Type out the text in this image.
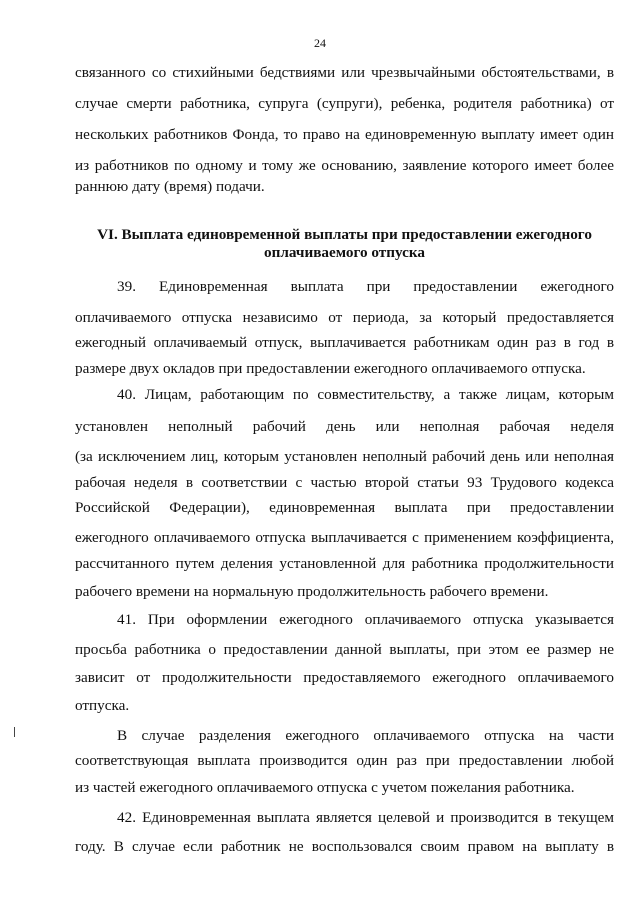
24
связанного со стихийными бедствиями или чрезвычайными обстоятельствами, в
случае смерти работника, супруга (супруги), ребенка, родителя работника) от
нескольких работников Фонда, то право на единовременную выплату имеет один
из работников по одному и тому же основанию, заявление которого имеет более
раннюю дату (время) подачи.
VI. Выплата единовременной выплаты при предоставлении ежегодного
оплачиваемого отпуска
39. Единовременная выплата при предоставлении ежегодного
оплачиваемого отпуска независимо от периода, за который предоставляется
ежегодный оплачиваемый отпуск, выплачивается работникам один раз в год в
размере двух окладов при предоставлении ежегодного оплачиваемого отпуска.
40. Лицам, работающим по совместительству, а также лицам, которым
установлен неполный рабочий день или неполная рабочая неделя
(за исключением лиц, которым установлен неполный рабочий день или неполная
рабочая неделя в соответствии с частью второй статьи 93 Трудового кодекса
Российской Федерации), единовременная выплата при предоставлении
ежегодного оплачиваемого отпуска выплачивается с применением коэффициента,
рассчитанного путем деления установленной для работника продолжительности
рабочего времени на нормальную продолжительность рабочего времени.
41. При оформлении ежегодного оплачиваемого отпуска указывается
просьба работника о предоставлении данной выплаты, при этом ее размер не
зависит от продолжительности предоставляемого ежегодного оплачиваемого
отпуска.
В случае разделения ежегодного оплачиваемого отпуска на части
соответствующая выплата производится один раз при предоставлении любой
из частей ежегодного оплачиваемого отпуска с учетом пожелания работника.
42. Единовременная выплата является целевой и производится в текущем
году. В случае если работник не воспользовался своим правом на выплату в
